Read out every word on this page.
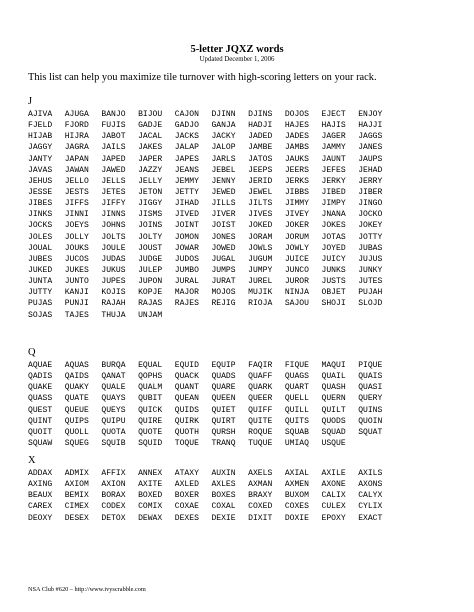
5-letter JQXZ words
Updated December 1, 2006
This list can help you maximize tile turnover with high-scoring letters on your rack.
J
AJIVA AJUGA BANJO BIJOU CAJON DJINN DJINS DOJOS EJECT ENJOY
FJELD FJORD FUJIS GADJE GADJO GANJA HADJI HAJES HAJIS HAJJI
HIJAB HIJRA JABOT JACAL JACKS JACKY JADED JADES JAGER JAGGS
JAGGY JAGRA JAILS JAKES JALAP JALOP JAMBE JAMBS JAMMY JANES
JANTY JAPAN JAPED JAPER JAPES JARLS JATOS JAUKS JAUNT JAUPS
JAVAS JAWAN JAWED JAZZY JEANS JEBEL JEEPS JEERS JEFES JEHAD
JEHUS JELLO JELLS JELLY JEMMY JENNY JERID JERKS JERKY JERRY
JESSE JESTS JETES JETON JETTY JEWED JEWEL JIBBS JIBED JIBER
JIBES JIFFS JIFFY JIGGY JIHAD JILLS JILTS JIMMY JIMPY JINGO
JINKS JINNI JINNS JISMS JIVED JIVER JIVES JIVEY JNANA JOCKO
JOCKS JOEYS JOHNS JOINS JOINT JOIST JOKED JOKER JOKES JOKEY
JOLES JOLLY JOLTS JOLTY JOMON JONES JORAM JORUM JOTAS JOTTY
JOUAL JOUKS JOULE JOUST JOWAR JOWED JOWLS JOWLY JOYED JUBAS
JUBES JUCOS JUDAS JUDGE JUDOS JUGAL JUGUM JUICE JUICY JUJUS
JUKED JUKES JUKUS JULEP JUMBO JUMPS JUMPY JUNCO JUNKS JUNKY
JUNTA JUNTO JUPES JUPON JURAL JURAT JUREL JUROR JUSTS JUTES
JUTTY KANJI KOJIS KOPJE MAJOR MOJOS MUJIK NINJA OBJET PUJAH
PUJAS PUNJI RAJAH RAJAS RAJES REJIG RIOJA SAJOU SHOJI SLOJD
SOJAS TAJES THUJA UNJAM
Q
AQUAE AQUAS BURQA EQUAL EQUID EQUIP FAQIR FIQUE MAQUI PIQUE
QADIS QAIDS QANAT QOPHS QUACK QUADS QUAFF QUAGS QUAIL QUAIS
QUAKE QUAKY QUALE QUALM QUANT QUARE QUARK QUART QUASH QUASI
QUASS QUATE QUAYS QUBIT QUEAN QUEEN QUEER QUELL QUERN QUERY
QUEST QUEUE QUEYS QUICK QUIDS QUIET QUIFF QUILL QUILT QUINS
QUINT QUIPS QUIPU QUIRE QUIRK QUIRT QUITE QUITS QUODS QUOIN
QUOIT QUOLL QUOTA QUOTE QUOTH QURSH ROQUE SQUAB SQUAD SQUAT
SQUAW SQUEG SQUIB SQUID TOQUE TRANQ TUQUE UMIAQ USQUE
X
ADDAX ADMIX AFFIX ANNEX ATAXY AUXIN AXELS AXIAL AXILE AXILS
AXING AXIOM AXION AXITE AXLED AXLES AXMAN AXMEN AXONE AXONS
BEAUX BEMIX BORAX BOXED BOXER BOXES BRAXY BUXOM CALIX CALYX
CAREX CIMEX CODEX COMIX COXAE COXAL COXED COXES CULEX CYLIX
DEOXY DESEX DETOX DEWAX DEXES DEXIE DIXIT DOXIE EPOXY EXACT
NSA Club #620 – http://www.ivyscrabble.com
